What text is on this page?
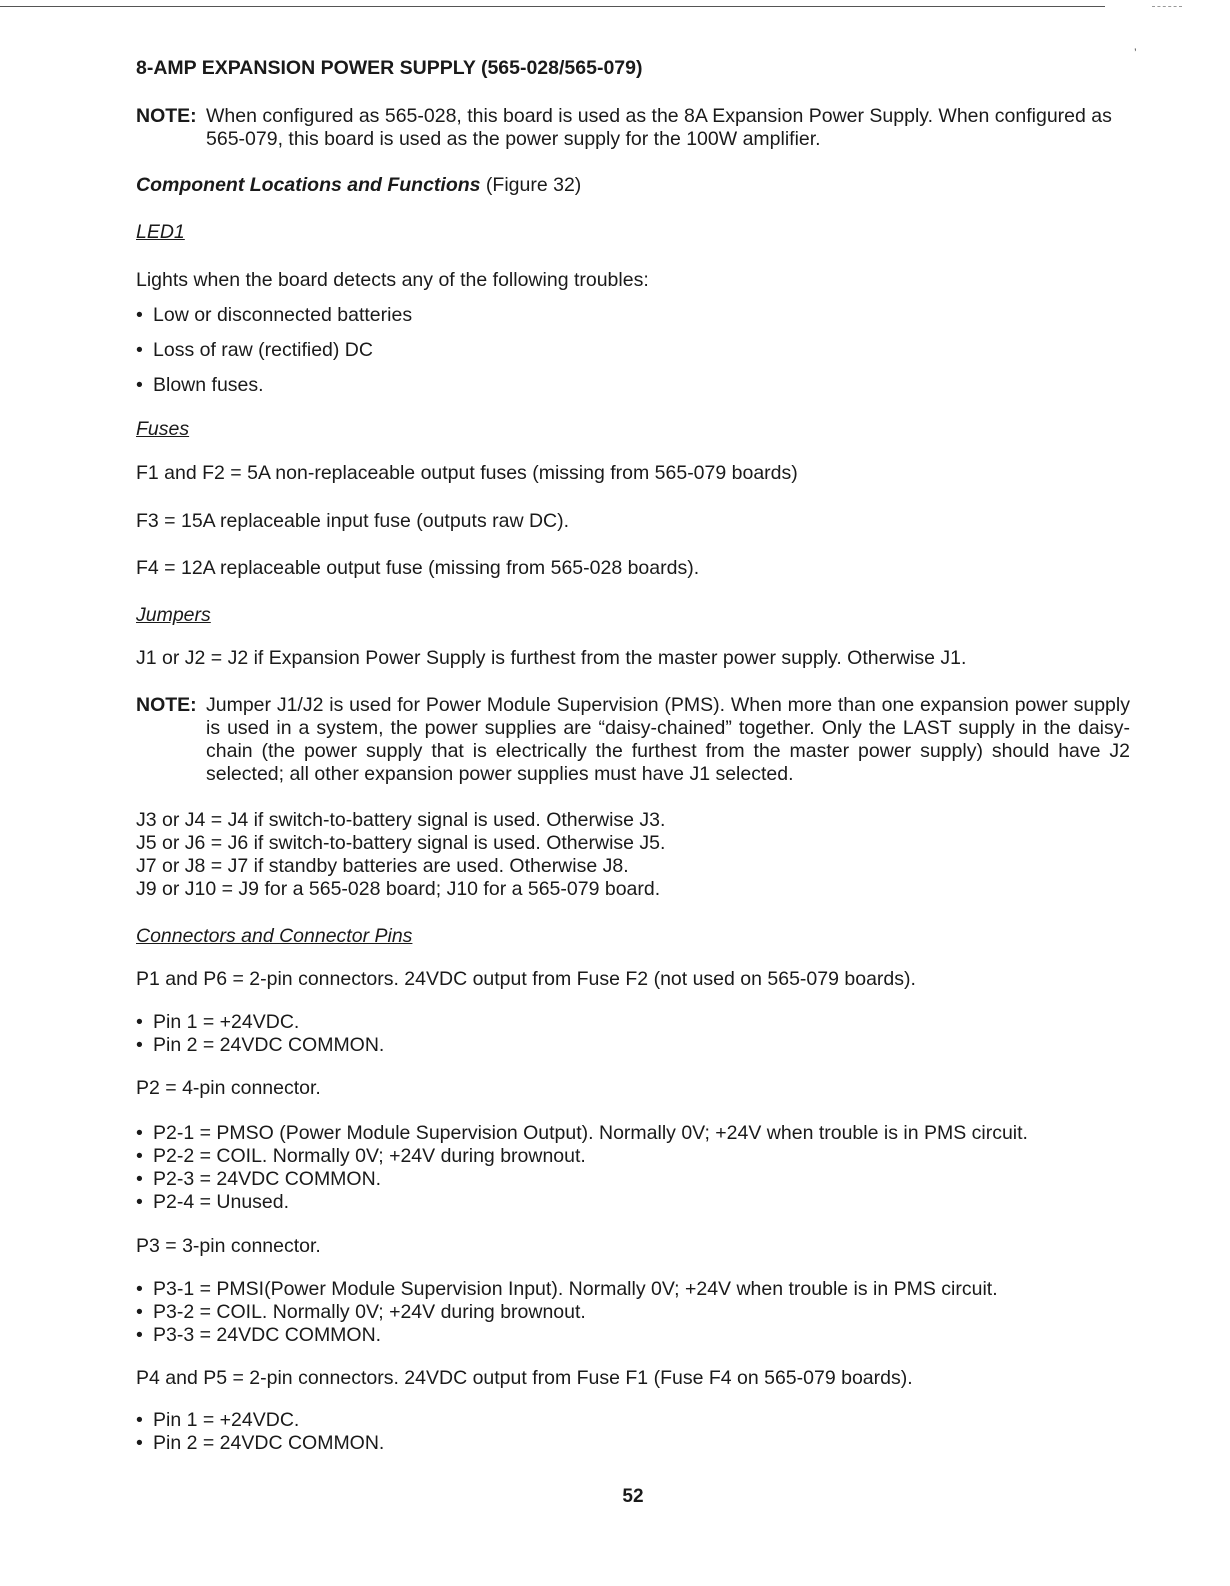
8-AMP EXPANSION POWER SUPPLY (565-028/565-079)
NOTE: When configured as 565-028, this board is used as the 8A Expansion Power Supply. When configured as
565-079, this board is used as the power supply for the 100W amplifier.
Component Locations and Functions (Figure 32)
LED1
Lights when the board detects any of the following troubles:
• Low or disconnected batteries
• Loss of raw (rectified) DC
• Blown fuses.
Fuses
F1 and F2 = 5A non-replaceable output fuses (missing from 565-079 boards)
F3 = 15A replaceable input fuse (outputs raw DC).
F4 = 12A replaceable output fuse (missing from 565-028 boards).
Jumpers
J1 or J2 = J2 if Expansion Power Supply is furthest from the master power supply. Otherwise J1.
NOTE: Jumper J1/J2 is used for Power Module Supervision (PMS). When more than one expansion power supply
is used in a system, the power supplies are “daisy-chained” together. Only the LAST supply in the daisy-
chain (the power supply that is electrically the furthest from the master power supply) should have J2
selected; all other expansion power supplies must have J1 selected.
J3 or J4 = J4 if switch-to-battery signal is used. Otherwise J3.
J5 or J6 = J6 if switch-to-battery signal is used. Otherwise J5.
J7 or J8 = J7 if standby batteries are used. Otherwise J8.
J9 or J10 = J9 for a 565-028 board; J10 for a 565-079 board.
Connectors and Connector Pins
P1 and P6 = 2-pin connectors. 24VDC output from Fuse F2 (not used on 565-079 boards).
• Pin 1 = +24VDC.
• Pin 2 = 24VDC COMMON.
P2 = 4-pin connector.
• P2-1 = PMSO (Power Module Supervision Output). Normally 0V; +24V when trouble is in PMS circuit.
• P2-2 = COIL. Normally 0V; +24V during brownout.
• P2-3 = 24VDC COMMON.
• P2-4 = Unused.
P3 = 3-pin connector.
• P3-1 = PMSI(Power Module Supervision Input). Normally 0V; +24V when trouble is in PMS circuit.
• P3-2 = COIL. Normally 0V; +24V during brownout.
• P3-3 = 24VDC COMMON.
P4 and P5 = 2-pin connectors. 24VDC output from Fuse F1 (Fuse F4 on 565-079 boards).
• Pin 1 = +24VDC.
• Pin 2 = 24VDC COMMON.
52
’
